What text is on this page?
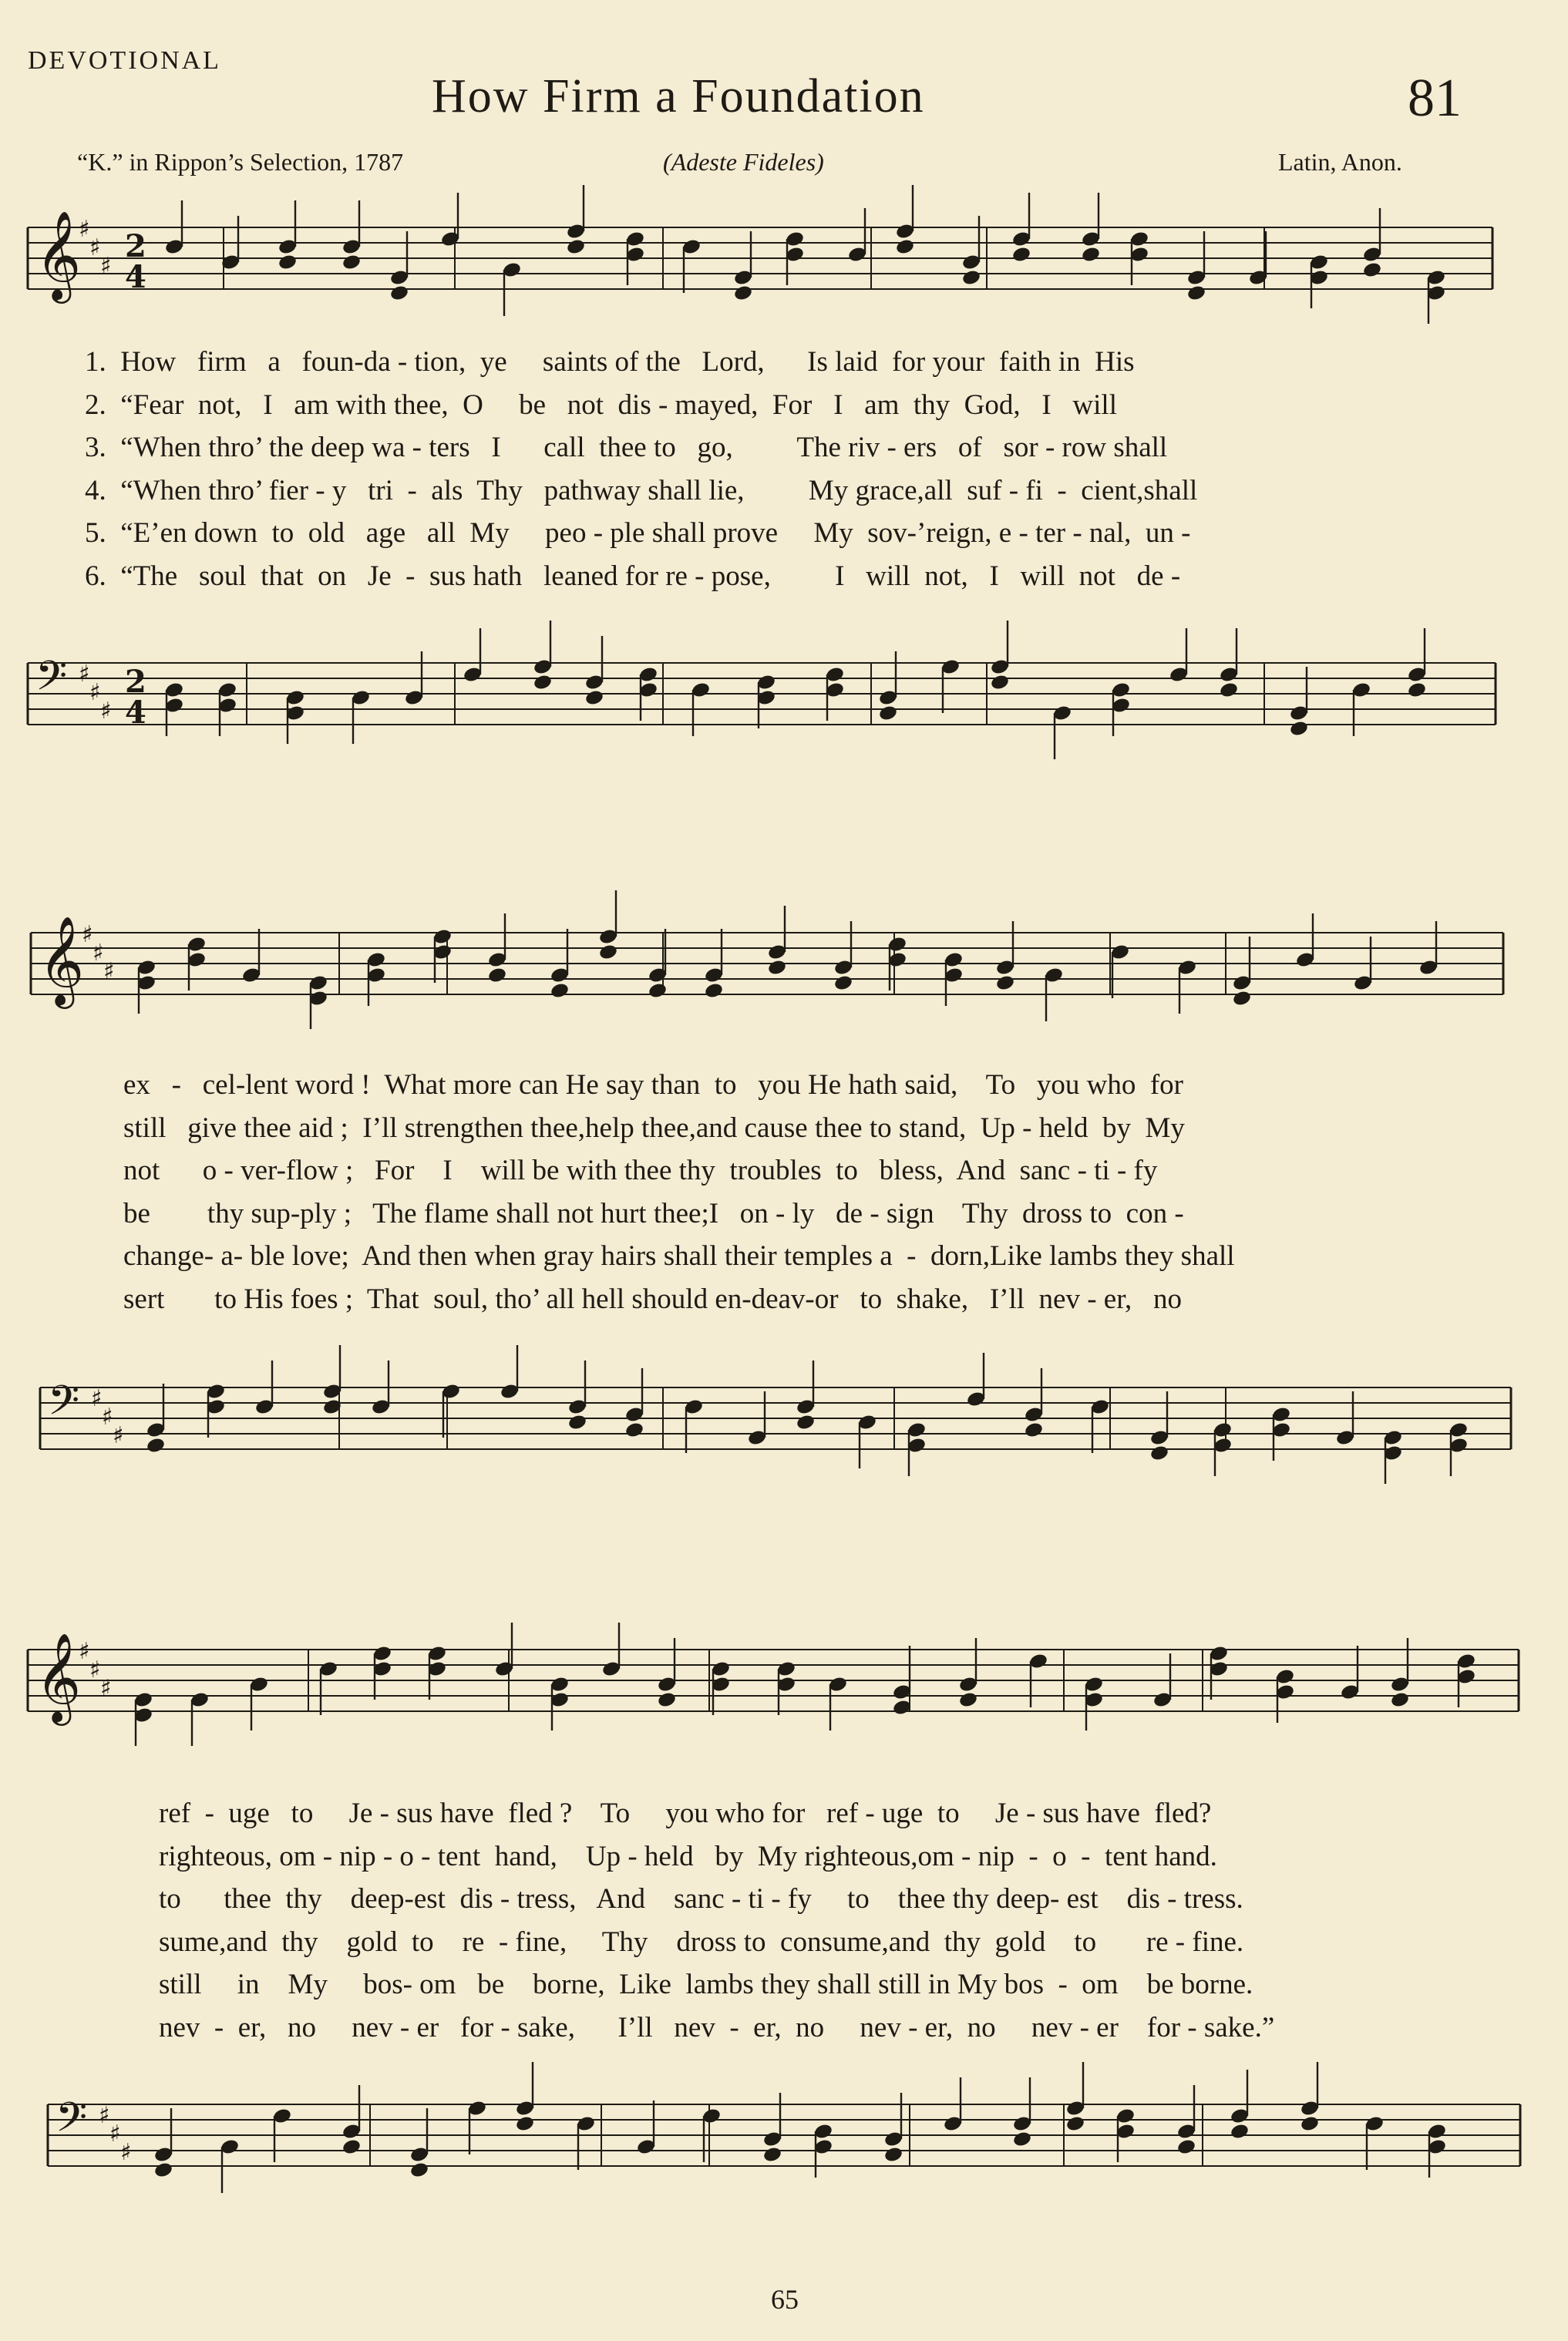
DEVOTIONAL
How Firm a Foundation	81
“K.” in Rippon’s Selection, 1787	(Adeste Fideles)	Latin, Anon.
𝄞
♯
♯
♯
2
4
1.  How   firm   a   foun-da - tion,  ye     saints of the   Lord,      Is laid  for your  faith in  His
2.  “Fear  not,   I   am with thee,  O     be   not  dis - mayed,  For   I   am  thy  God,   I   will
3.  “When thro’ the deep wa - ters   I      call  thee to   go,         The riv - ers   of   sor - row shall
4.  “When thro’ fier - y   tri  -  als  Thy   pathway shall lie,         My grace,all  suf - fi  -  cient,shall
5.  “E’en down  to  old   age   all  My     peo - ple shall prove     My  sov-’reign, e - ter - nal,  un -
6.  “The   soul  that  on   Je  -  sus hath   leaned for re - pose,         I   will  not,   I   will  not   de -
𝄢 ♯
♯
♯
2
4
𝄞
♯
♯
♯
ex   -   cel-lent word !  What more can He say than  to   you He hath said,    To   you who  for
still   give thee aid ;  I’ll strengthen thee,help thee,and cause thee to stand,  Up - held  by  My
not      o - ver-flow ;   For    I    will be with thee thy  troubles  to   bless,  And  sanc - ti - fy
be        thy sup-ply ;   The flame shall not hurt thee;I   on - ly   de - sign    Thy  dross to  con -
change- a- ble love;  And then when gray hairs shall their temples a  -  dorn,Like lambs they shall
sert       to His foes ;  That  soul, tho’ all hell should en-deav-or   to  shake,   I’ll  nev - er,   no
𝄢 ♯
♯
♯
𝄞
♯
♯
♯
ref  -  uge   to     Je - sus have  fled ?    To     you who for   ref - uge  to     Je - sus have  fled?
righteous, om - nip - o - tent  hand,    Up - held   by  My righteous,om - nip  -  o  -  tent hand.
to      thee  thy    deep-est  dis - tress,   And    sanc - ti - fy     to    thee thy deep- est    dis - tress.
sume,and  thy    gold  to    re  - fine,     Thy    dross to  consume,and  thy  gold    to       re - fine.
still     in    My     bos- om   be    borne,  Like  lambs they shall still in My bos  -  om    be borne.
nev  -  er,   no     nev - er   for - sake,      I’ll   nev  -  er,  no     nev - er,  no     nev - er    for - sake.”
𝄢 ♯
♯
♯
65
